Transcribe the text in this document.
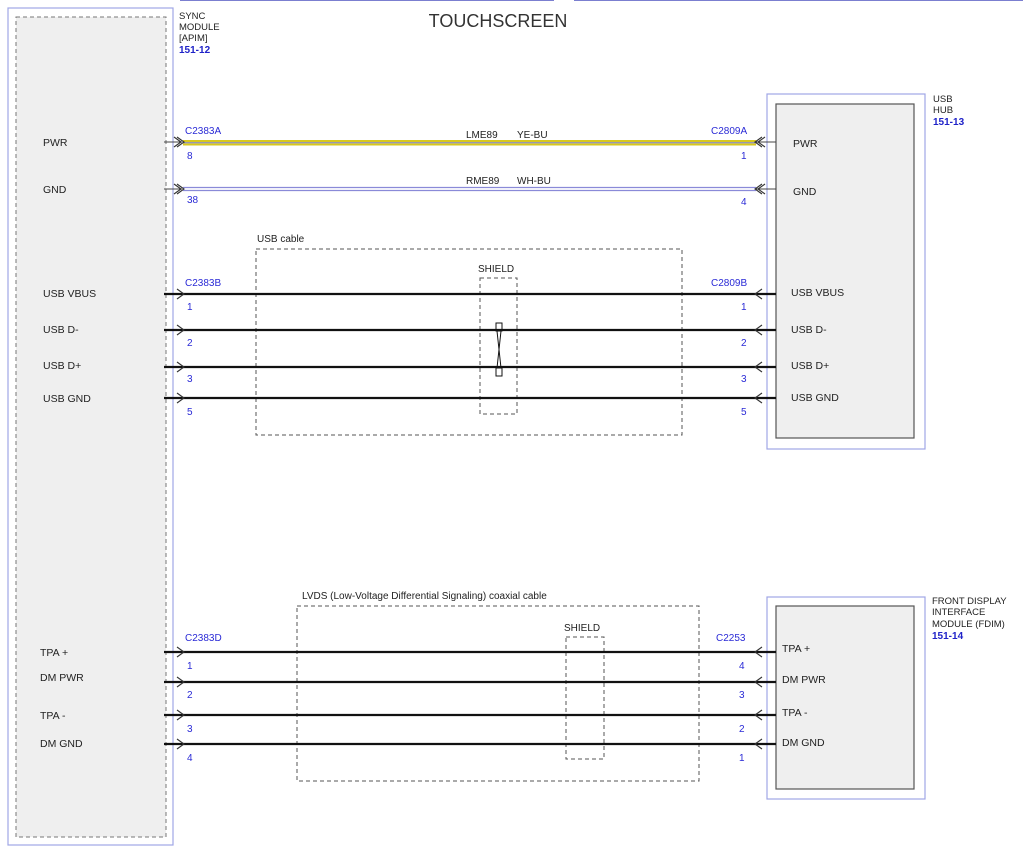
TOUCHSCREEN
SYNC
MODULE
[APIM]
151-12
PWR
GND
USB VBUS
USB D-
USB D+
USB GND
TPA +
DM PWR
TPA -
DM GND
USB
HUB
151-13
PWR
GND
USB VBUS
USB D-
USB D+
USB GND
FRONT DISPLAY
INTERFACE
MODULE (FDIM)
151-14
TPA +
DM PWR
TPA -
DM GND
USB cable
SHIELD
LVDS (Low-Voltage Differential Signaling) coaxial cable
SHIELD
C2383A	C2809A
C2383B	C2809B
C2383D	C2253
LME89 YE-BU
RME89 WH-BU
8	1
38	4
1	1
2	2
3	3
5	5
1	4
2	3
3	2
4	1
